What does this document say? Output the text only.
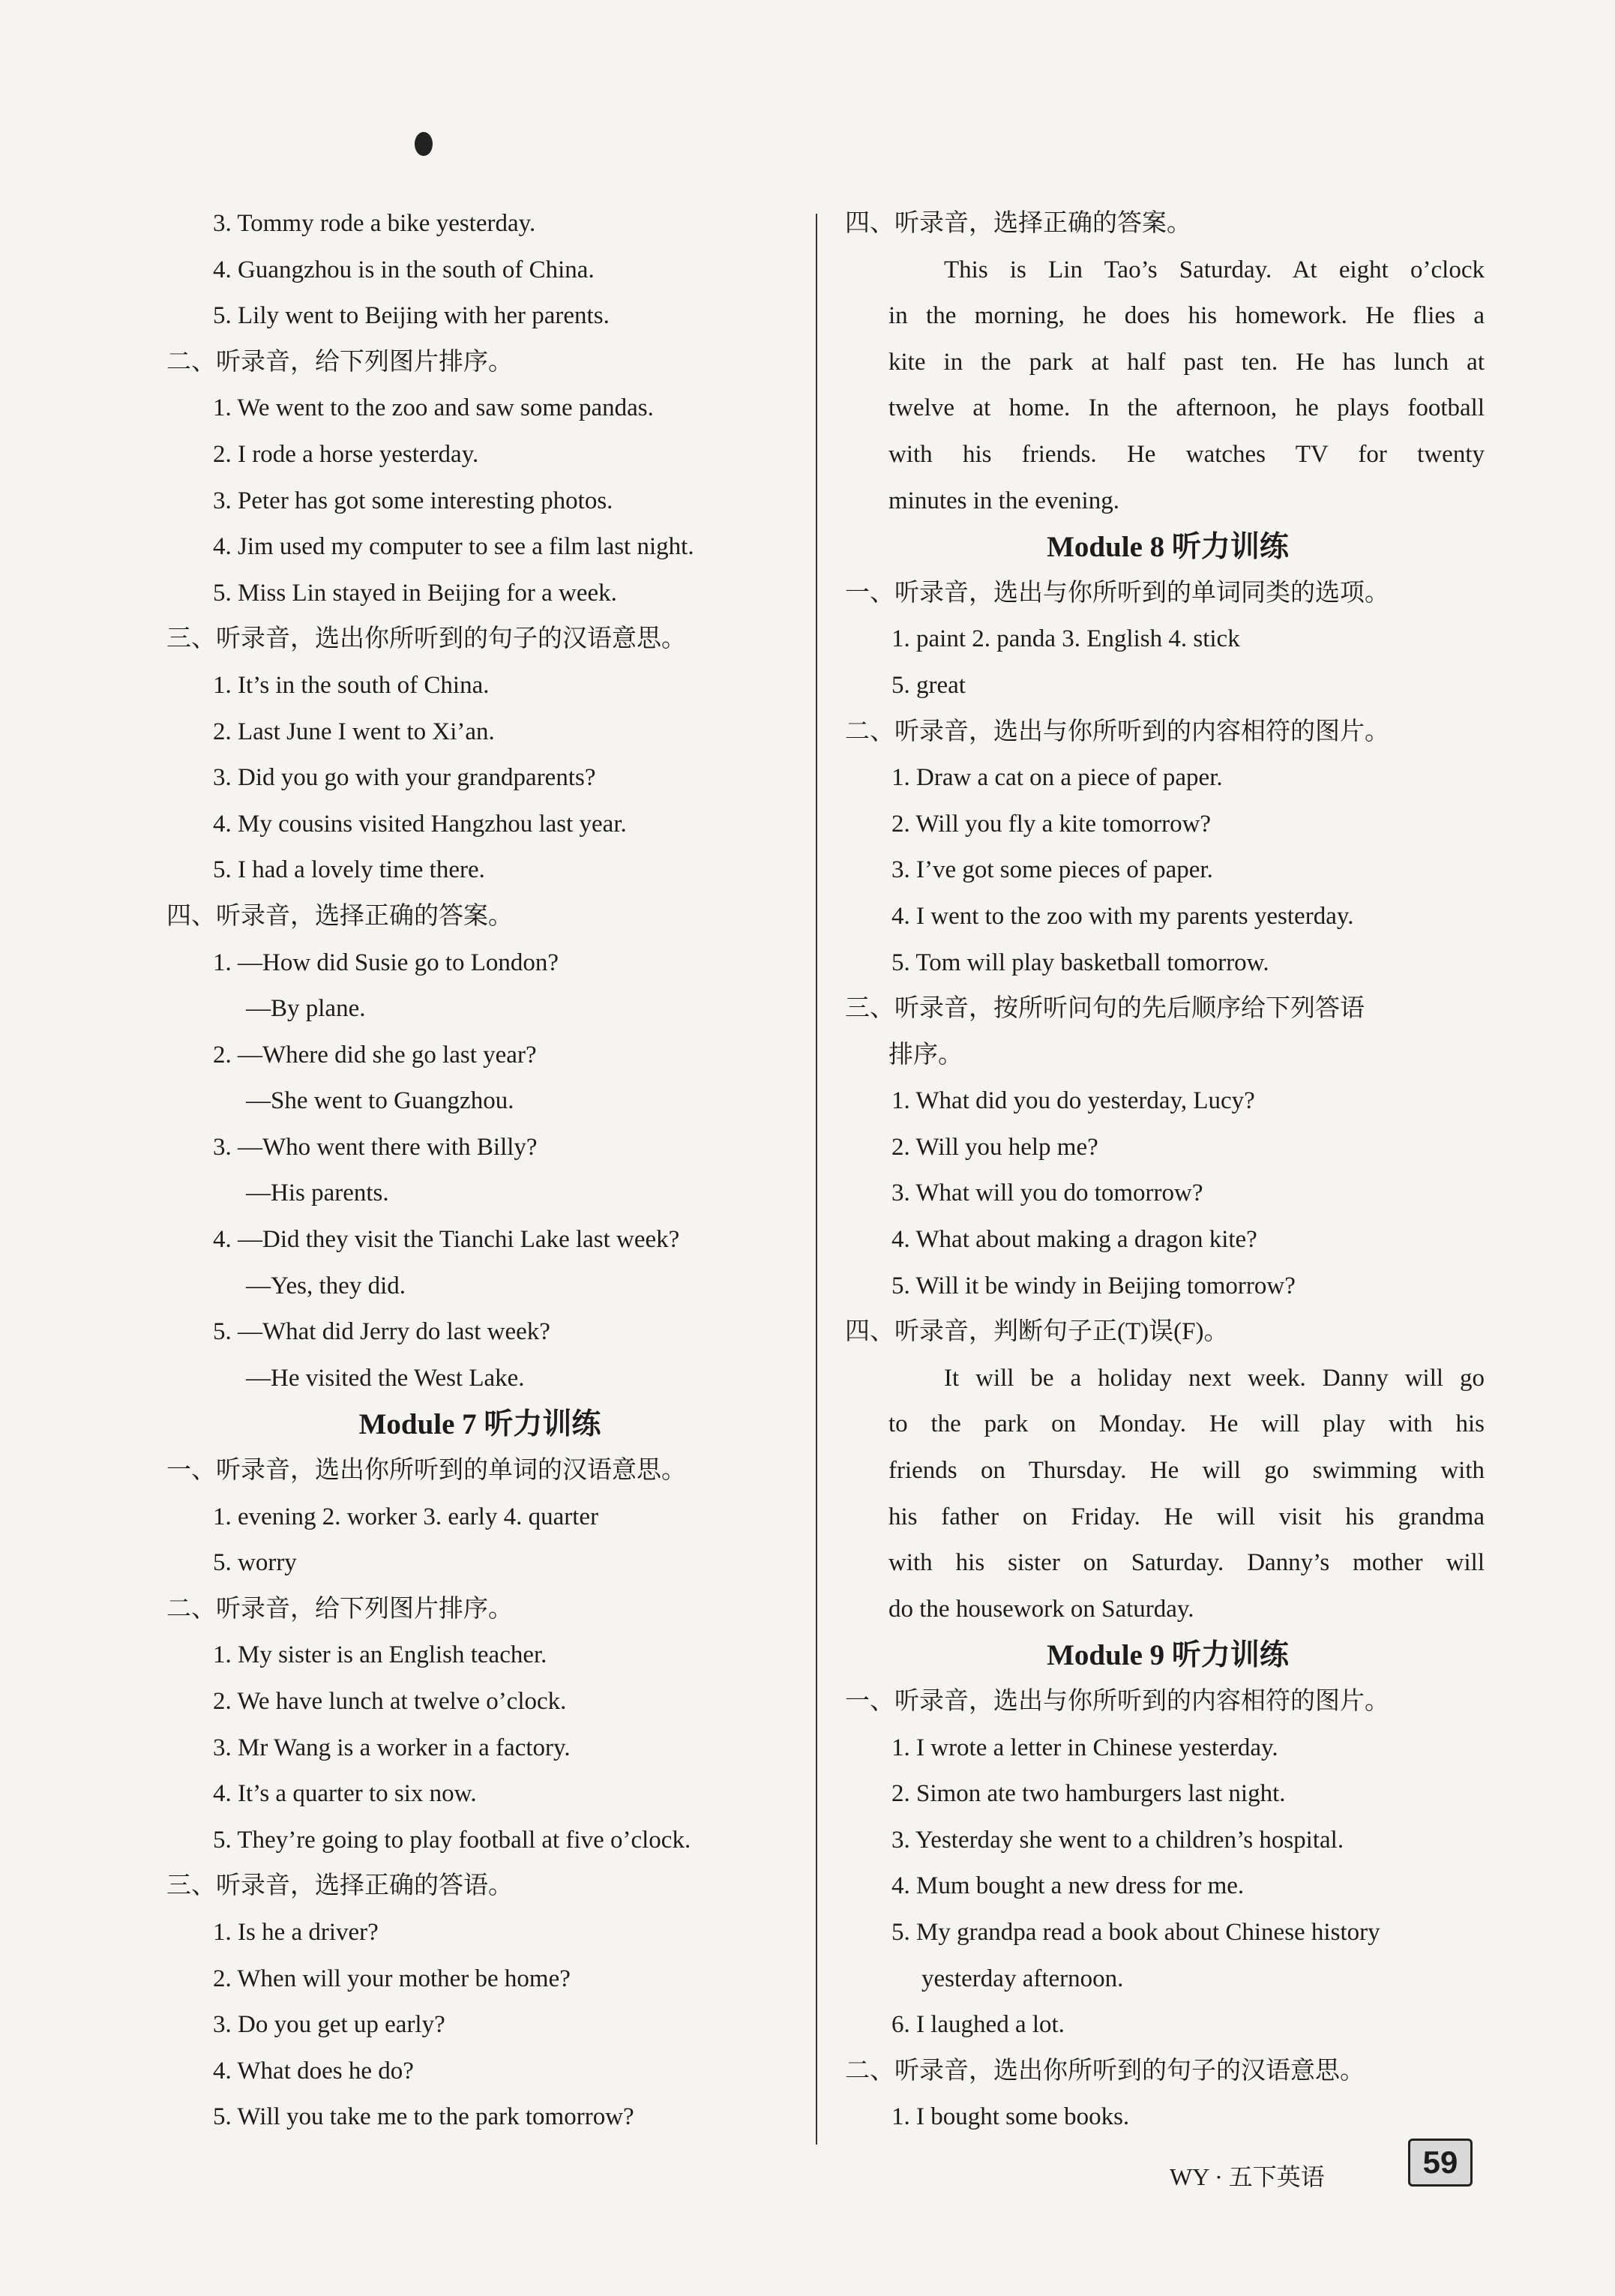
3. Tommy rode a bike yesterday.
4. Guangzhou is in the south of China.
5. Lily went to Beijing with her parents.
二、听录音，给下列图片排序。
1. We went to the zoo and saw some pandas.
2. I rode a horse yesterday.
3. Peter has got some interesting photos.
4. Jim used my computer to see a film last night.
5. Miss Lin stayed in Beijing for a week.
三、听录音，选出你所听到的句子的汉语意思。
1. It’s in the south of China.
2. Last June I went to Xi’an.
3. Did you go with your grandparents?
4. My cousins visited Hangzhou last year.
5. I had a lovely time there.
四、听录音，选择正确的答案。
1. —How did Susie go to London?
—By plane.
2. —Where did she go last year?
—She went to Guangzhou.
3. —Who went there with Billy?
—His parents.
4. —Did they visit the Tianchi Lake last week?
—Yes, they did.
5. —What did Jerry do last week?
—He visited the West Lake.
Module 7 听力训练
一、听录音，选出你所听到的单词的汉语意思。
1. evening 2. worker 3. early 4. quarter
5. worry
二、听录音，给下列图片排序。
1. My sister is an English teacher.
2. We have lunch at twelve o’clock.
3. Mr Wang is a worker in a factory.
4. It’s a quarter to six now.
5. They’re going to play football at five o’clock.
三、听录音，选择正确的答语。
1. Is he a driver?
2. When will your mother be home?
3. Do you get up early?
4. What does he do?
5. Will you take me to the park tomorrow?
四、听录音，选择正确的答案。
This is Lin Tao’s Saturday. At eight o’clock
in the morning, he does his homework. He flies a
kite in the park at half past ten. He has lunch at
twelve at home. In the afternoon, he plays football
with his friends. He watches TV for twenty
minutes in the evening.
Module 8 听力训练
一、听录音，选出与你所听到的单词同类的选项。
1. paint 2. panda 3. English 4. stick
5. great
二、听录音，选出与你所听到的内容相符的图片。
1. Draw a cat on a piece of paper.
2. Will you fly a kite tomorrow?
3. I’ve got some pieces of paper.
4. I went to the zoo with my parents yesterday.
5. Tom will play basketball tomorrow.
三、听录音，按所听问句的先后顺序给下列答语
排序。
1. What did you do yesterday, Lucy?
2. Will you help me?
3. What will you do tomorrow?
4. What about making a dragon kite?
5. Will it be windy in Beijing tomorrow?
四、听录音，判断句子正(T)误(F)。
It will be a holiday next week. Danny will go
to the park on Monday. He will play with his
friends on Thursday. He will go swimming with
his father on Friday. He will visit his grandma
with his sister on Saturday. Danny’s mother will
do the housework on Saturday.
Module 9 听力训练
一、听录音，选出与你所听到的内容相符的图片。
1. I wrote a letter in Chinese yesterday.
2. Simon ate two hamburgers last night.
3. Yesterday she went to a children’s hospital.
4. Mum bought a new dress for me.
5. My grandpa read a book about Chinese history
yesterday afternoon.
6. I laughed a lot.
二、听录音，选出你所听到的句子的汉语意思。
1. I bought some books.
WY · 五下英语	59
